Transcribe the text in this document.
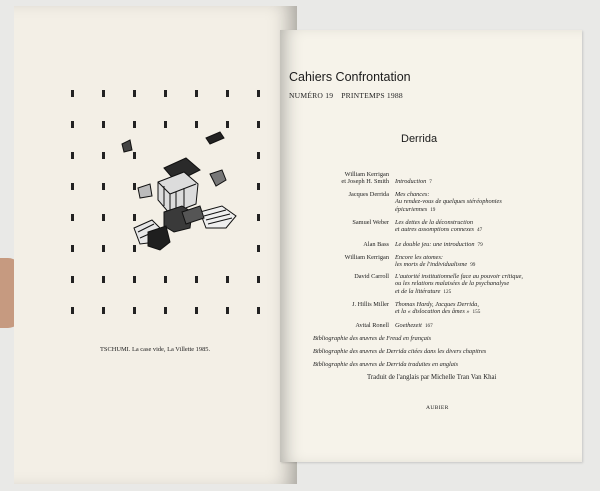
TSCHUMI. La case vide, La Villette 1985.
Cahiers Confrontation
NUMÉRO 19 PRINTEMPS 1988
Derrida
William Kerrigan
et Joseph H. Smith Introduction 7
Jacques Derrida Mes chances:
Au rendez-vous de quelques stéréophonies
épicuriennes 19
Samuel Weber Les dettes de la déconstruction
et autres assomptions connexes 47
Alan Bass Le double jeu: une introduction 79
William Kerrigan Encore les atomes:
les morts de l'individualisme 99
David Carroll L'autorité institutionnelle face au pouvoir critique,
ou les relations malaisées de la psychanalyse
et de la littérature 125
J. Hillis Miller Thomas Hardy, Jacques Derrida,
et la « dislocation des âmes » 155
Avital Ronell Goethezeit 167
Bibliographie des œuvres de Freud en français
Bibliographie des œuvres de Derrida citées dans les divers chapitres
Bibliographie des œuvres de Derrida traduites en anglais
Traduit de l'anglais par Michelle Tran Van Khai
AUBIER
